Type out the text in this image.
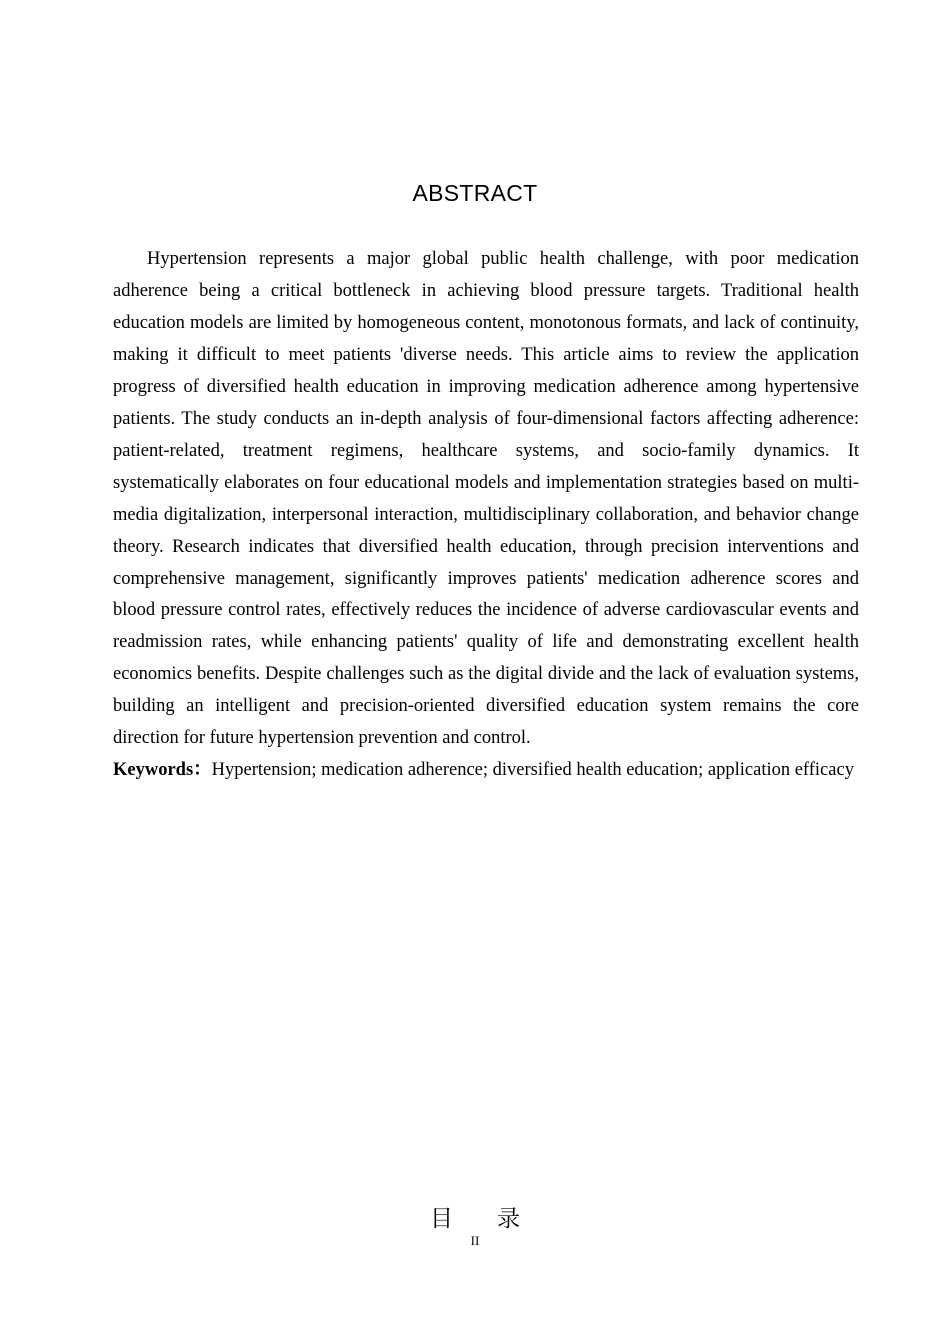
ABSTRACT

Hypertension represents a major global public health challenge, with poor medication adherence being a critical bottleneck in achieving blood pressure targets. Traditional health education models are limited by homogeneous content, monotonous formats, and lack of continuity, making it difficult to meet patients 'diverse needs. This article aims to review the application progress of diversified health education in improving medication adherence among hypertensive patients. The study conducts an in-depth analysis of four-dimensional factors affecting adherence: patient-related, treatment regimens, healthcare systems, and socio-family dynamics. It systematically elaborates on four educational models and implementation strategies based on multi-media digitalization, interpersonal interaction, multidisciplinary collaboration, and behavior change theory. Research indicates that diversified health education, through precision interventions and comprehensive management, significantly improves patients' medication adherence scores and blood pressure control rates, effectively reduces the incidence of adverse cardiovascular events and readmission rates, while enhancing patients' quality of life and demonstrating excellent health economics benefits. Despite challenges such as the digital divide and the lack of evaluation systems, building an intelligent and precision-oriented diversified education system remains the core direction for future hypertension prevention and control.

Keywords：Hypertension; medication adherence; diversified health education; application efficacy

目录
II
